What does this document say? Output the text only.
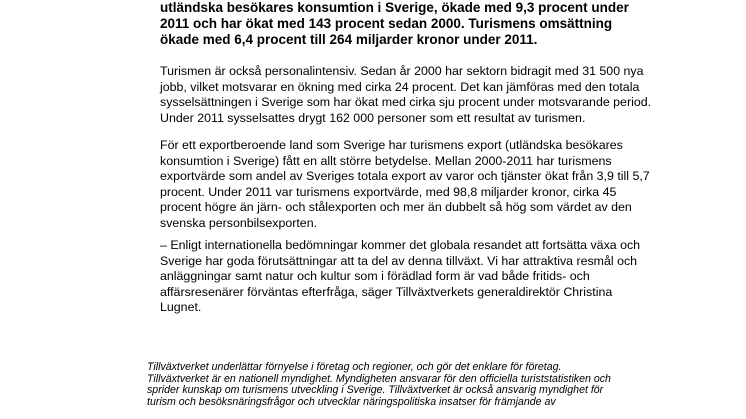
utländska besökares konsumtion i Sverige, ökade med 9,3 procent under
2011 och har ökat med 143 procent sedan 2000. Turismens omsättning
ökade med 6,4 procent till 264 miljarder kronor under 2011.
Turismen är också personalintensiv. Sedan år 2000 har sektorn bidragit med 31 500 nya
jobb, vilket motsvarar en ökning med cirka 24 procent. Det kan jämföras med den totala
sysselsättningen i Sverige som har ökat med cirka sju procent under motsvarande period.
Under 2011 sysselsattes drygt 162 000 personer som ett resultat av turismen.
För ett exportberoende land som Sverige har turismens export (utländska besökares
konsumtion i Sverige) fått en allt större betydelse. Mellan 2000-2011 har turismens
exportvärde som andel av Sveriges totala export av varor och tjänster ökat från 3,9 till 5,7
procent. Under 2011 var turismens exportvärde, med 98,8 miljarder kronor, cirka 45
procent högre än järn- och stålexporten och mer än dubbelt så hög som värdet av den
svenska personbilsexporten.
– Enligt internationella bedömningar kommer det globala resandet att fortsätta växa och
Sverige har goda förutsättningar att ta del av denna tillväxt. Vi har attraktiva resmål och
anläggningar samt natur och kultur som i förädlad form är vad både fritids- och
affärsresenärer förväntas efterfråga, säger Tillväxtverkets generaldirektör Christina
Lugnet.
Tillväxtverket underlättar förnyelse i företag och regioner, och gör det enklare för företag.
Tillväxtverket är en nationell myndighet. Myndigheten ansvarar för den officiella turiststatistiken och
sprider kunskap om turismens utveckling i Sverige. Tillväxtverket är också ansvarig myndighet för
turism och besöksnäringsfrågor och utvecklar näringspolitiska insatser för främjande av
